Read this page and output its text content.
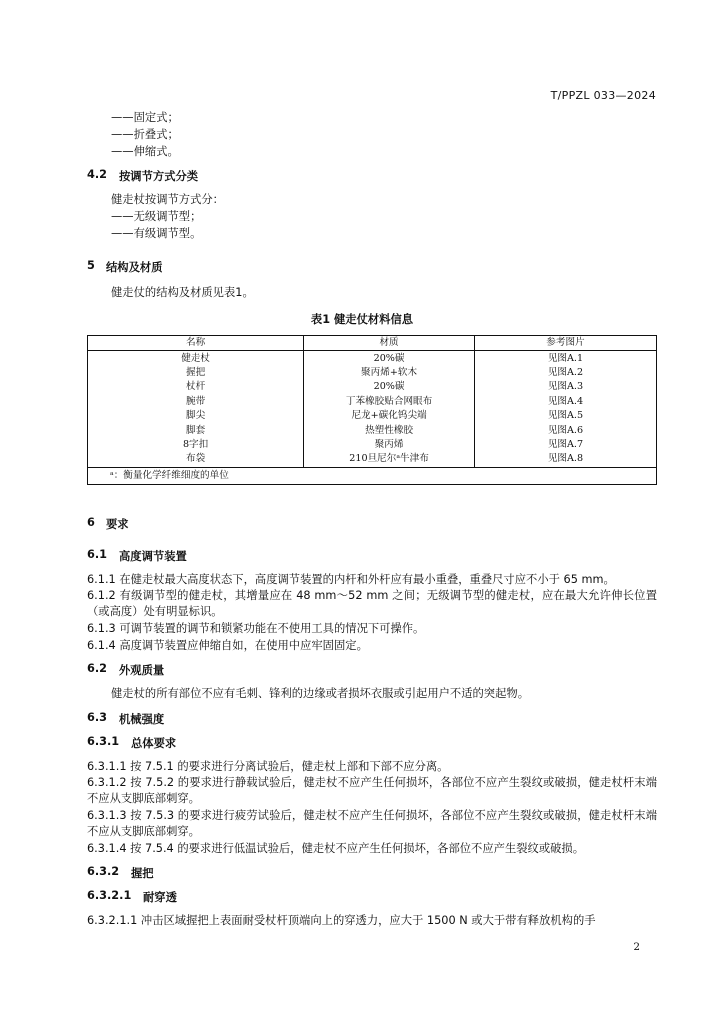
T/PPZL 033—2024
——固定式；
——折叠式；
——伸缩式。
4.2 按调节方式分类
健走杖按调节方式分：
——无级调节型；
——有级调节型。
5 结构及材质
健走仗的结构及材质见表1。
表1 健走仗材料信息
名称	材质	参考图片
健走杖	20%碳	见图A.1
握把	聚丙烯+软木	见图A.2
杖杆	20%碳	见图A.3
腕带	丁苯橡胶贴合网眼布	见图A.4
脚尖	尼龙+碳化钨尖端	见图A.5
脚套	热塑性橡胶	见图A.6
8字扣	聚丙烯	见图A.7
布袋	210旦尼尔ᵃ牛津布	见图A.8
ᵃ：衡量化学纤维细度的单位		
6 要求
6.1 高度调节装置
6.1.1 在健走杖最大高度状态下，高度调节装置的内杆和外杆应有最小重叠，重叠尺寸应不小于 65 mm。
6.1.2 有级调节型的健走杖，其增量应在 48 mm～52 mm 之间；无级调节型的健走杖，应在最大允许伸长位置（或高度）处有明显标识。
6.1.3 可调节装置的调节和锁紧功能在不使用工具的情况下可操作。
6.1.4 高度调节装置应伸缩自如，在使用中应牢固固定。
6.2 外观质量
健走杖的所有部位不应有毛刺、锋利的边缘或者损坏衣服或引起用户不适的突起物。
6.3 机械强度
6.3.1 总体要求
6.3.1.1 按 7.5.1 的要求进行分离试验后，健走杖上部和下部不应分离。
6.3.1.2 按 7.5.2 的要求进行静载试验后，健走杖不应产生任何损坏，各部位不应产生裂纹或破损，健走杖杆末端不应从支脚底部刺穿。
6.3.1.3 按 7.5.3 的要求进行疲劳试验后，健走杖不应产生任何损坏，各部位不应产生裂纹或破损，健走杖杆末端不应从支脚底部刺穿。
6.3.1.4 按 7.5.4 的要求进行低温试验后，健走杖不应产生任何损坏，各部位不应产生裂纹或破损。
6.3.2 握把
6.3.2.1 耐穿透
6.3.2.1.1 冲击区域握把上表面耐受杖杆顶端向上的穿透力，应大于 1500 N 或大于带有释放机构的手
2
